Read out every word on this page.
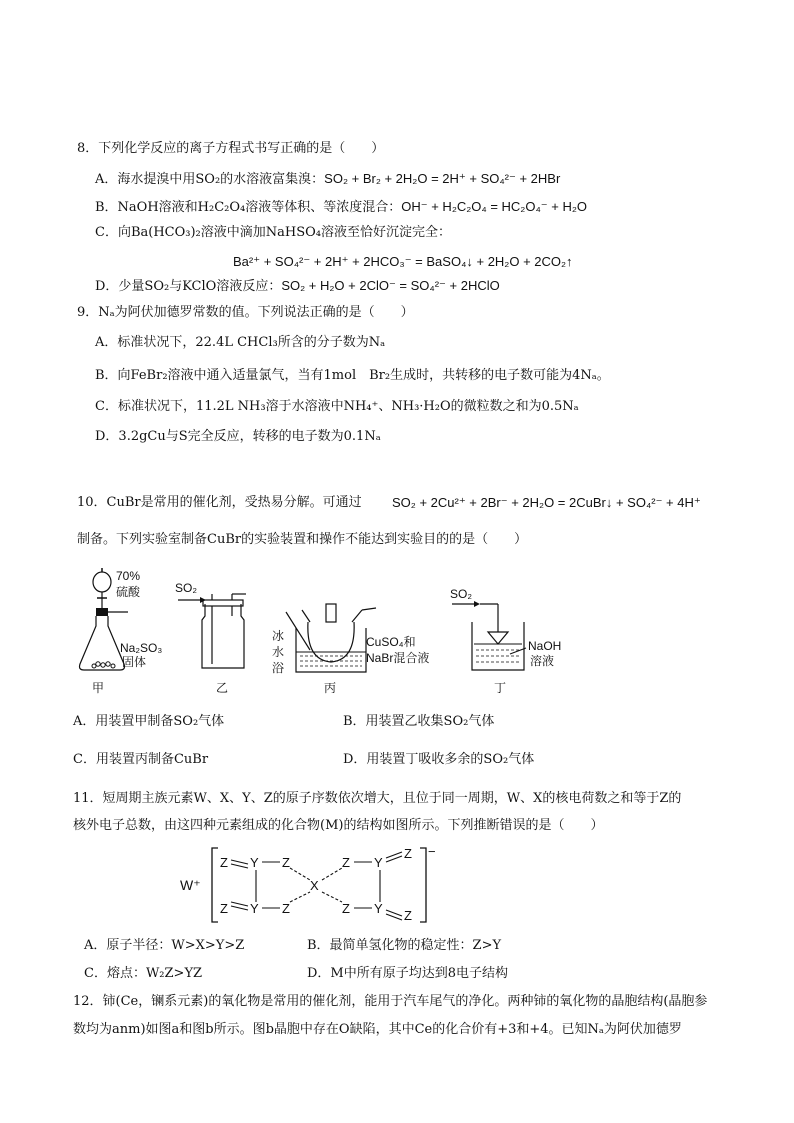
8．下列化学反应的离子方程式书写正确的是（　　）
A．海水提溴中用SO₂的水溶液富集溴：SO₂ + Br₂ + 2H₂O = 2H⁺ + SO₄²⁻ + 2HBr
B．NaOH溶液和H₂C₂O₄溶液等体积、等浓度混合：OH⁻ + H₂C₂O₄ = HC₂O₄⁻ + H₂O
C．向Ba(HCO₃)₂溶液中滴加NaHSO₄溶液至恰好沉淀完全：
Ba²⁺ + SO₄²⁻ + 2H⁺ + 2HCO₃⁻ = BaSO₄↓ + 2H₂O + 2CO₂↑
D．少量SO₂与KClO溶液反应：SO₂ + H₂O + 2ClO⁻ = SO₄²⁻ + 2HClO
9．Nₐ为阿伏加德罗常数的值。下列说法正确的是（　　）
A．标准状况下，22.4L CHCl₃所含的分子数为Nₐ
B．向FeBr₂溶液中通入适量氯气，当有1mol　Br₂生成时，共转移的电子数可能为4Nₐ。
C．标准状况下，11.2L NH₃溶于水溶液中NH₄⁺、NH₃·H₂O的微粒数之和为0.5Nₐ
D．3.2gCu与S完全反应，转移的电子数为0.1Nₐ
10．CuBr是常用的催化剂，受热易分解。可通过 SO₂ + 2Cu²⁺ + 2Br⁻ + 2H₂O = 2CuBr↓ + SO₄²⁻ + 4H⁺
制备。下列实验室制备CuBr的实验装置和操作不能达到实验目的的是（　　）
70%
硫酸
Na₂SO₃
固体
甲
SO₂
乙
冰
水
浴
CuSO₄和
NaBr混合液
丙
SO₂
NaOH
溶液
丁
A．用装置甲制备SO₂气体	B．用装置乙收集SO₂气体
C．用装置丙制备CuBr	D．用装置丁吸收多余的SO₂气体
11．短周期主族元素W、X、Y、Z的原子序数依次增大，且位于同一周期，W、X的核电荷数之和等于Z的
核外电子总数，由这四种元素组成的化合物(M)的结构如图所示。下列推断错误的是（　　）
W⁺
−
Z Y Z
Z Y Z
X
Z Y
Z
Z Y Z
A．原子半径：W>X>Y>Z	B．最简单氢化物的稳定性：Z>Y
C．熔点：W₂Z>YZ	D．M中所有原子均达到8电子结构
12．铈(Ce，镧系元素)的氧化物是常用的催化剂，能用于汽车尾气的净化。两种铈的氧化物的晶胞结构(晶胞参
数均为anm)如图a和图b所示。图b晶胞中存在O缺陷，其中Ce的化合价有+3和+4。已知Nₐ为阿伏加德罗
